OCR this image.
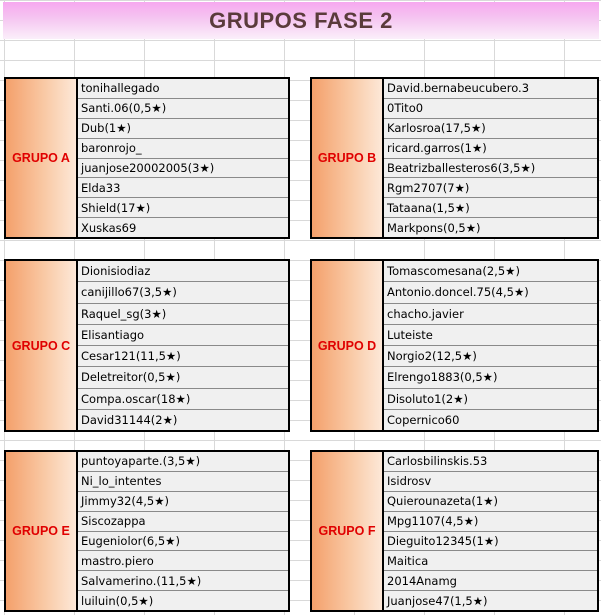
GRUPOS FASE 2
GRUPO A
tonihallegado
Santi.06(0,5★)
Dub(1★)
baronrojo_
juanjose20002005(3★)
Elda33
Shield(17★)
Xuskas69
GRUPO B
David.bernabeucubero.3
0Tito0
Karlosroa(17,5★)
ricard.garros(1★)
Beatrizballesteros6(3,5★)
Rgm2707(7★)
Tataana(1,5★)
Markpons(0,5★)
GRUPO C
Dionisiodiaz
canijillo67(3,5★)
Raquel_sg(3★)
Elisantiago
Cesar121(11,5★)
Deletreitor(0,5★)
Compa.oscar(18★)
David31144(2★)
GRUPO D
Tomascomesana(2,5★)
Antonio.doncel.75(4,5★)
chacho.javier
Luteiste
Norgio2(12,5★)
Elrengo1883(0,5★)
Disoluto1(2★)
Copernico60
GRUPO E
puntoyaparte.(3,5★)
Ni_lo_intentes
Jimmy32(4,5★)
Siscozappa
Eugeniolor(6,5★)
mastro.piero
Salvamerino.(11,5★)
luiluin(0,5★)
GRUPO F
Carlosbilinskis.53
Isidrosv
Quierounazeta(1★)
Mpg1107(4,5★)
Dieguito12345(1★)
Maitica
2014Anamg
Juanjose47(1,5★)
